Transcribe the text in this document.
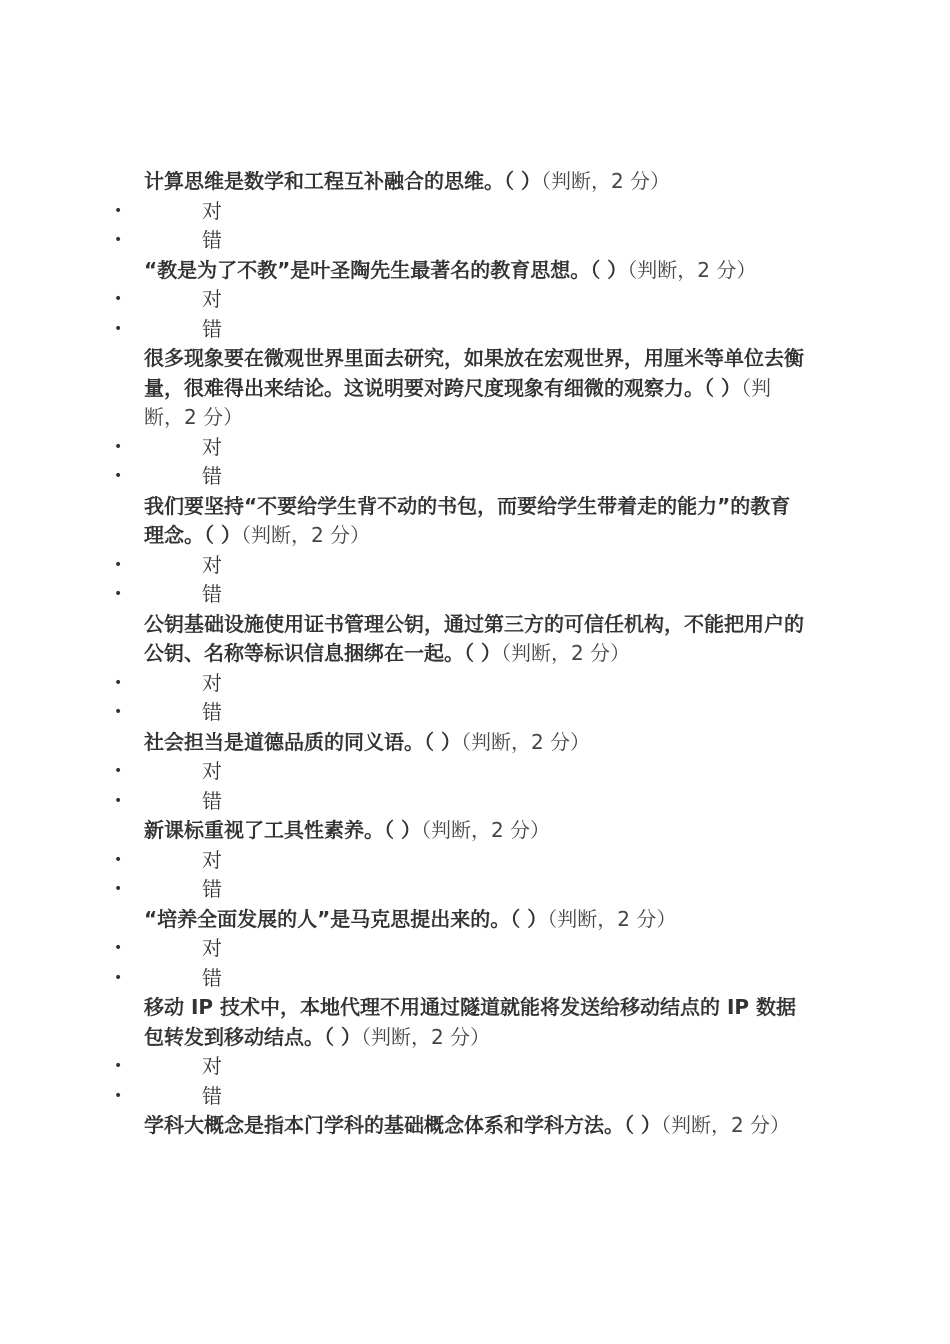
计算思维是数学和工程互补融合的思维。（ ）（判断，2 分）
•	对
•	错
“教是为了不教”是叶圣陶先生最著名的教育思想。（ ）（判断，2 分）
•	对
•	错
很多现象要在微观世界里面去研究，如果放在宏观世界，用厘米等单位去衡量，很难得出来结论。这说明要对跨尺度现象有细微的观察力。（ ）（判断，2 分）
•	对
•	错
我们要坚持“不要给学生背不动的书包，而要给学生带着走的能力”的教育理念。（ ）（判断，2 分）
•	对
•	错
公钥基础设施使用证书管理公钥，通过第三方的可信任机构，不能把用户的公钥、名称等标识信息捆绑在一起。（ ）（判断，2 分）
•	对
•	错
社会担当是道德品质的同义语。（ ）（判断，2 分）
•	对
•	错
新课标重视了工具性素养。（ ）（判断，2 分）
•	对
•	错
“培养全面发展的人”是马克思提出来的。（ ）（判断，2 分）
•	对
•	错
移动 IP 技术中，本地代理不用通过隧道就能将发送给移动结点的 IP 数据包转发到移动结点。（ ）（判断，2 分）
•	对
•	错
学科大概念是指本门学科的基础概念体系和学科方法。（ ）（判断，2 分）
